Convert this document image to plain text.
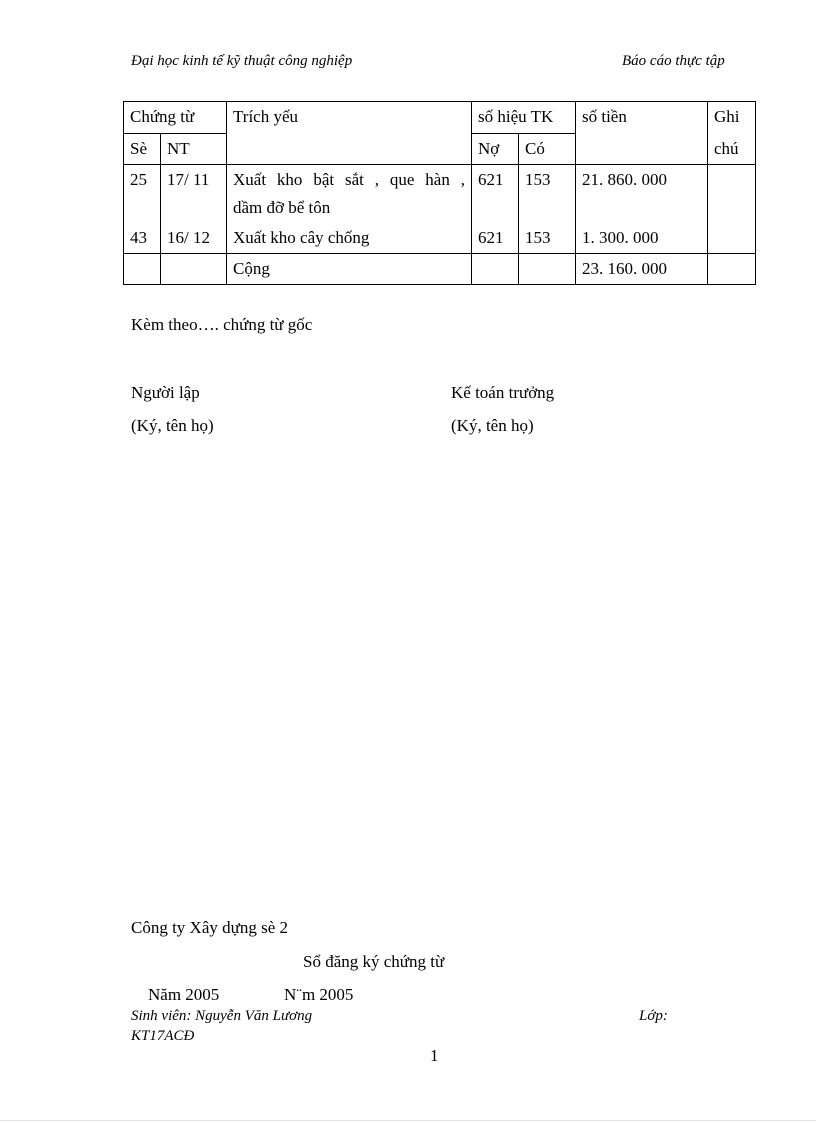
Đại học kinh tế kỹ thuật công nghiệp	Báo cáo thực tập
Chứng từ		Trích yếu	số hiệu TK		số tiền	Ghi
chú

Sè	NT		Nợ	Có		
25	17/ 11	Xuất kho bật sắt , que hàn ,
dầm đỡ bể tôn	621	153	21. 860. 000	
43	16/ 12	Xuất kho cây chống	621	153	1. 300. 000	
		Cộng			23. 160. 000	
Kèm theo…. chứng từ gốc
Người lập
(Ký, tên họ)
Kế toán trưởng
(Ký, tên họ)
Công ty Xây dựng sè 2
Sổ đăng ký chứng từ
Năm 2005	N¨m 2005
Sinh viên: Nguyễn Văn Lương	Lớp:
KT17ACĐ
1
